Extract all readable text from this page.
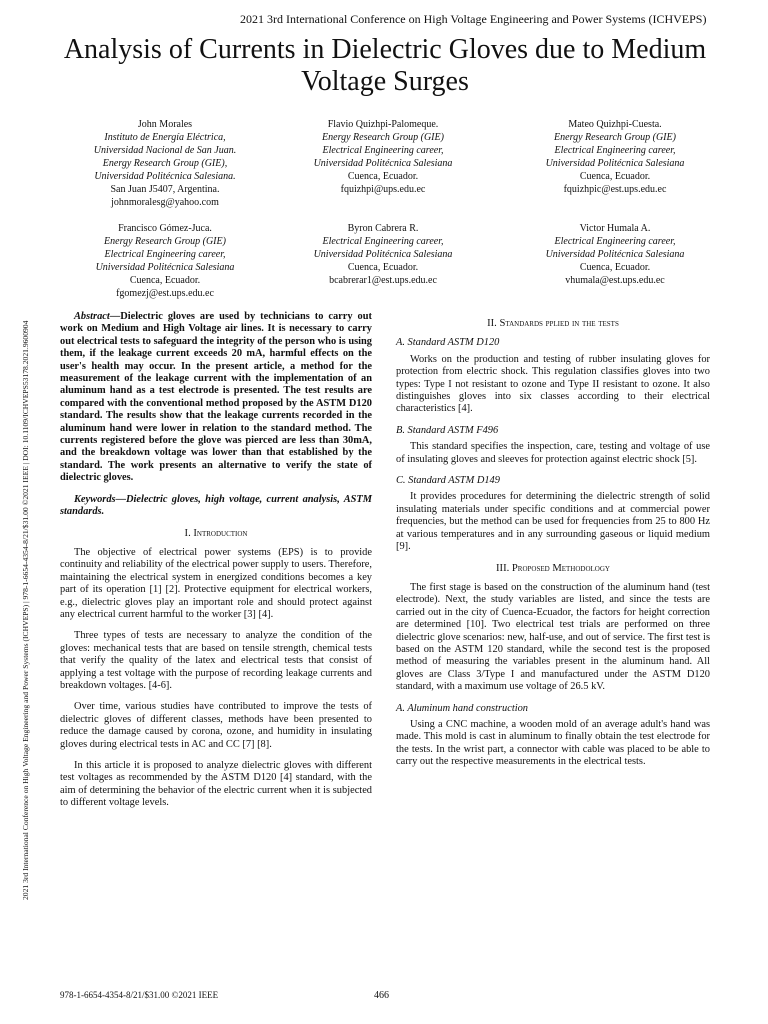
2021 3rd International Conference on High Voltage Engineering and Power Systems (ICHVEPS)
2021 3rd International Conference on High Voltage Engineering and Power Systems (ICHVEPS) | 978-1-6654-4354-8/21/$31.00 ©2021 IEEE | DOI: 10.1109/ICHVEPS53178.2021.9600904
Analysis of Currents in Dielectric Gloves due to Medium Voltage Surges
John Morales
Instituto de Energía Eléctrica,
Universidad Nacional de San Juan.
Energy Research Group (GIE),
Universidad Politécnica Salesiana.
San Juan J5407, Argentina.
johnmoralesg@yahoo.com
Flavio Quizhpi-Palomeque.
Energy Research Group (GIE)
Electrical Engineering career,
Universidad Politécnica Salesiana
Cuenca, Ecuador.
fquizhpi@ups.edu.ec
Mateo Quizhpi-Cuesta.
Energy Research Group (GIE)
Electrical Engineering career,
Universidad Politécnica Salesiana
Cuenca, Ecuador.
fquizhpic@est.ups.edu.ec
Francisco Gómez-Juca.
Energy Research Group (GIE)
Electrical Engineering career,
Universidad Politécnica Salesiana
Cuenca, Ecuador.
fgomezj@est.ups.edu.ec
Byron Cabrera R.
Electrical Engineering career,
Universidad Politécnica Salesiana
Cuenca, Ecuador.
bcabrerar1@est.ups.edu.ec
Victor Humala A.
Electrical Engineering career,
Universidad Politécnica Salesiana
Cuenca, Ecuador.
vhumala@est.ups.edu.ec

Abstract—Dielectric gloves are used by technicians to carry out work on Medium and High Voltage air lines. It is necessary to carry out electrical tests to safeguard the integrity of the person who is using them, if the leakage current exceeds 20 mA, harmful effects on the user's health may occur. In the present article, a method for the measurement of the leakage current with the implementation of an aluminum hand as a test electrode is presented. The test results are compared with the conventional method proposed by the ASTM D120 standard. The results show that the leakage currents recorded in the aluminum hand were lower in relation to the standard method. The currents registered before the glove was pierced are less than 30mA, and the breakdown voltage was lower than that established by the standard. The work presents an alternative to verify the state of dielectric gloves.

Keywords—Dielectric gloves, high voltage, current analysis, ASTM standards.

I. Introduction

The objective of electrical power systems (EPS) is to provide continuity and reliability of the electrical power supply to users. Therefore, maintaining the electrical system in energized conditions becomes a key part of its operation [1] [2]. Protective equipment for electrical workers, e.g., dielectric gloves play an important role and should protect against any electrical current harmful to the worker [3] [4].

Three types of tests are necessary to analyze the condition of the gloves: mechanical tests that are based on tensile strength, chemical tests that verify the quality of the latex and electrical tests that consist of applying a test voltage with the purpose of recording leakage currents and breakdown voltages. [4-6].

Over time, various studies have contributed to improve the tests of dielectric gloves of different classes, methods have been presented to reduce the damage caused by corona, ozone, and humidity in insulating gloves during electrical tests in AC and CC [7] [8].

In this article it is proposed to analyze dielectric gloves with different test voltages as recommended by the ASTM D120 [4] standard, with the aim of determining the behavior of the electric current when it is subjected to different voltage levels.

II. Standards pplied in the tests
A. Standard ASTM D120

Works on the production and testing of rubber insulating gloves for protection from electric shock. This regulation classifies gloves into two types: Type I not resistant to ozone and Type II resistant to ozone. It also distinguishes gloves into six classes according to their electrical characteristics [4].

B. Standard ASTM F496

This standard specifies the inspection, care, testing and voltage of use of insulating gloves and sleeves for protection against electric shock [5].

C. Standard ASTM D149

It provides procedures for determining the dielectric strength of solid insulating materials under specific conditions and at commercial power frequencies, but the method can be used for frequencies from 25 to 800 Hz at various temperatures and in any surrounding gaseous or liquid medium [9].

III. Proposed Methodology

The first stage is based on the construction of the aluminum hand (test electrode). Next, the study variables are listed, and since the tests are carried out in the city of Cuenca-Ecuador, the factors for height correction are determined [10]. Two electrical test trials are performed on three dielectric glove scenarios: new, half-use, and out of service. The first test is based on the ASTM 120 standard, while the second test is the proposed method of measuring the variables present in the aluminum hand. All gloves are Class 3/Type I and manufactured under the ASTM D120 standard, with a maximum use voltage of 26.5 kV.

A. Aluminum hand construction

Using a CNC machine, a wooden mold of an average adult's hand was made. This mold is cast in aluminum to finally obtain the test electrode for the tests. In the wrist part, a connector with cable was placed to be able to carry out the respective measurements in the electrical tests.

978-1-6654-4354-8/21/$31.00 ©2021 IEEE	466
